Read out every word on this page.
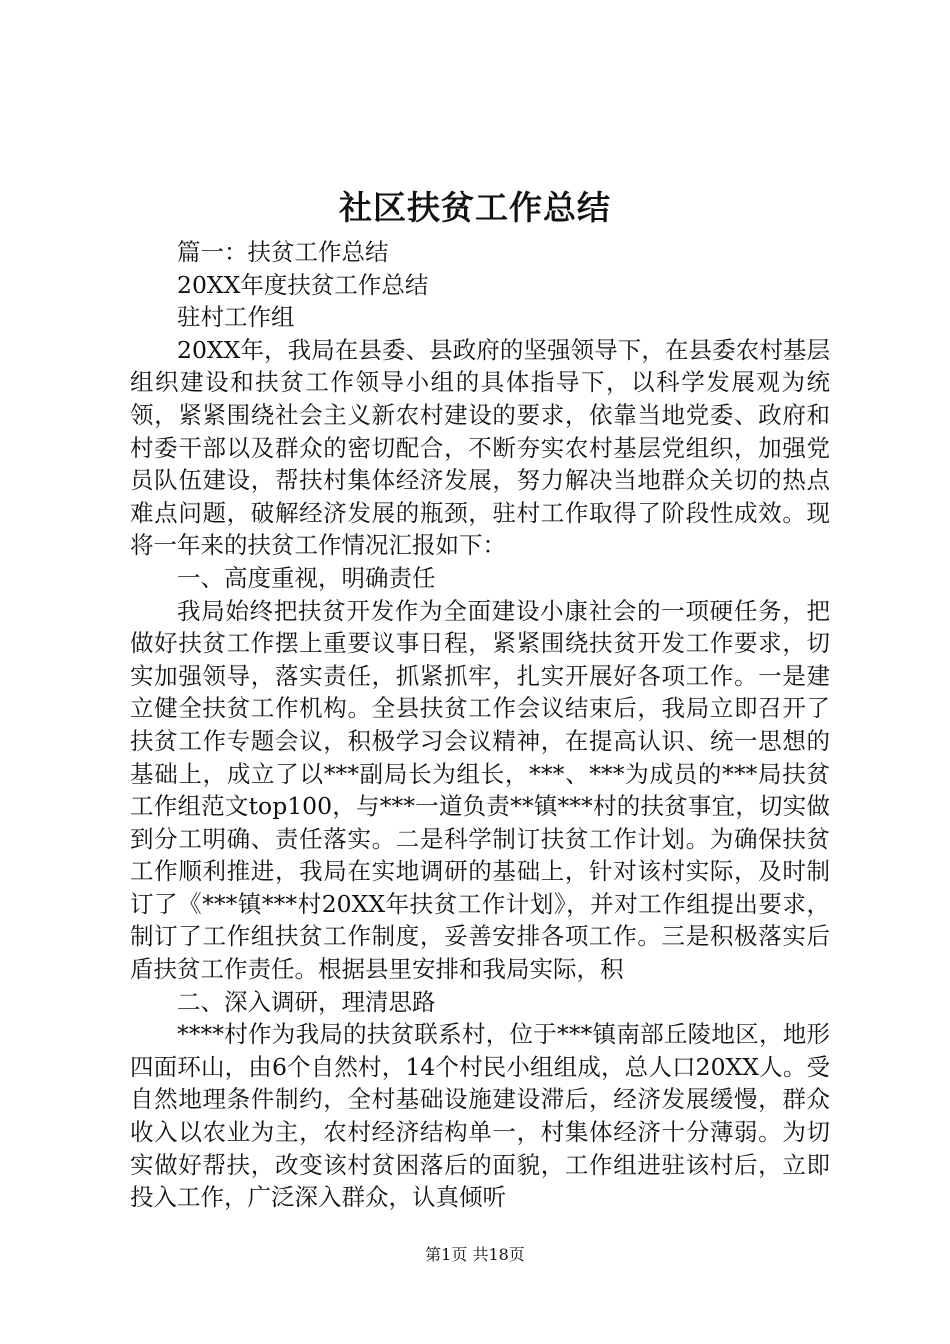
社区扶贫工作总结

篇一：扶贫工作总结

20XX年度扶贫工作总结

驻村工作组

20XX年，我局在县委、县政府的坚强领导下，在县委农村基层组织建设和扶贫工作领导小组的具体指导下，以科学发展观为统领，紧紧围绕社会主义新农村建设的要求，依靠当地党委、政府和村委干部以及群众的密切配合，不断夯实农村基层党组织，加强党员队伍建设，帮扶村集体经济发展，努力解决当地群众关切的热点难点问题，破解经济发展的瓶颈，驻村工作取得了阶段性成效。现将一年来的扶贫工作情况汇报如下：

一、高度重视，明确责任

我局始终把扶贫开发作为全面建设小康社会的一项硬任务，把做好扶贫工作摆上重要议事日程，紧紧围绕扶贫开发工作要求，切实加强领导，落实责任，抓紧抓牢，扎实开展好各项工作。一是建立健全扶贫工作机构。全县扶贫工作会议结束后，我局立即召开了扶贫工作专题会议，积极学习会议精神，在提高认识、统一思想的基础上，成立了以***副局长为组长，***、***为成员的***局扶贫工作组范文top100，与***一道负责**镇***村的扶贫事宜，切实做到分工明确、责任落实。二是科学制订扶贫工作计划。为确保扶贫工作顺利推进，我局在实地调研的基础上，针对该村实际，及时制订了《***镇***村20XX年扶贫工作计划》，并对工作组提出要求，制订了工作组扶贫工作制度，妥善安排各项工作。三是积极落实后盾扶贫工作责任。根据县里安排和我局实际，积

二、深入调研，理清思路

****村作为我局的扶贫联系村，位于***镇南部丘陵地区，地形四面环山，由6个自然村，14个村民小组组成，总人口20XX人。受自然地理条件制约，全村基础设施建设滞后，经济发展缓慢，群众收入以农业为主，农村经济结构单一，村集体经济十分薄弱。为切实做好帮扶，改变该村贫困落后的面貌，工作组进驻该村后，立即投入工作，广泛深入群众，认真倾听

第1页 共18页
